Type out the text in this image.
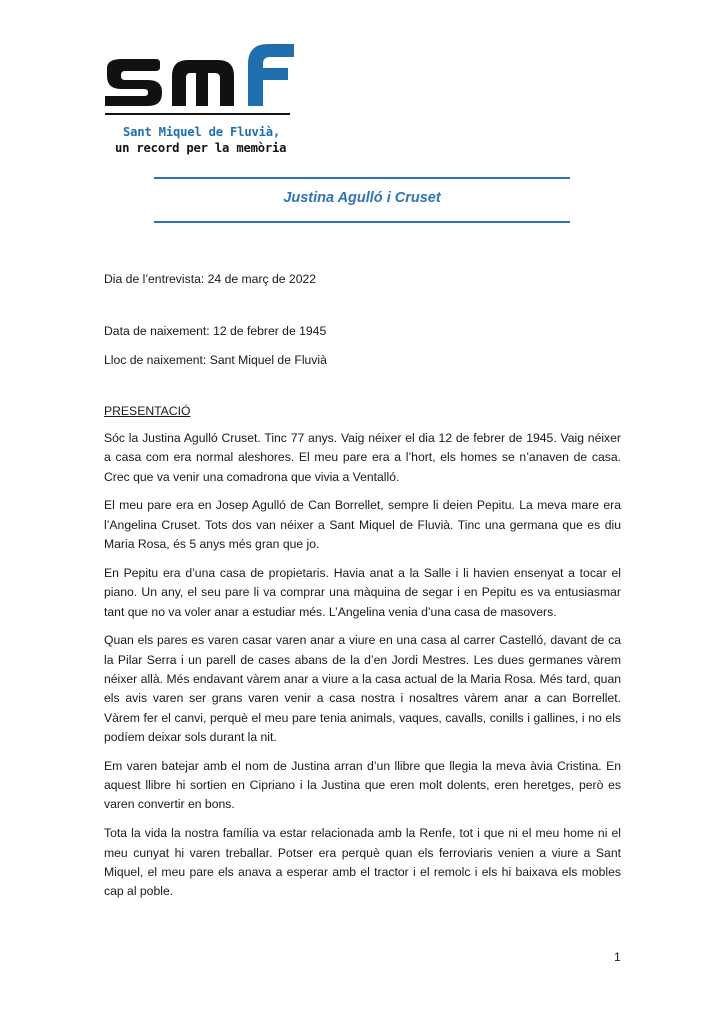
Sant Miquel de Fluvià,
un record per la memòria
Justina Agulló i Cruset
Dia de l’entrevista: 24 de març de 2022
Data de naixement: 12 de febrer de 1945
Lloc de naixement: Sant Miquel de Fluvià
PRESENTACIÓ

Sóc la Justina Agulló Cruset. Tinc 77 anys. Vaig néixer el dia 12 de febrer de 1945. Vaig néixer a casa com era normal aleshores. El meu pare era a l’hort, els homes se n’anaven de casa. Crec que va venir una comadrona que vivia a Ventalló.

El meu pare era en Josep Agulló de Can Borrellet, sempre li deien Pepitu. La meva mare era l’Angelina Cruset. Tots dos van néixer a Sant Miquel de Fluvià. Tinc una germana que es diu Maria Rosa, és 5 anys més gran que jo.

En Pepitu era d’una casa de propietaris. Havia anat a la Salle i li havien ensenyat a tocar el piano. Un any, el seu pare li va comprar una màquina de segar i en Pepitu es va entusiasmar tant que no va voler anar a estudiar més. L’Angelina venia d’una casa de masovers.

Quan els pares es varen casar varen anar a viure en una casa al carrer Castelló, davant de ca la Pilar Serra i un parell de cases abans de la d’en Jordi Mestres. Les dues germanes vàrem néixer allà. Més endavant vàrem anar a viure a la casa actual de la Maria Rosa. Més tard, quan els avis varen ser grans varen venir a casa nostra i nosaltres vàrem anar a can Borrellet. Vàrem fer el canvi, perquè el meu pare tenia animals, vaques, cavalls, conills i gallines, i no els podíem deixar sols durant la nit.

Em varen batejar amb el nom de Justina arran d’un llibre que llegia la meva àvia Cristina. En aquest llibre hi sortien en Cipriano i la Justina que eren molt dolents, eren heretges, però es varen convertir en bons.

Tota la vida la nostra família va estar relacionada amb la Renfe, tot i que ni el meu home ni el meu cunyat hi varen treballar. Potser era perquè quan els ferroviaris venien a viure a Sant Miquel, el meu pare els anava a esperar amb el tractor i el remolc i els hi baixava els mobles cap al poble.

1
